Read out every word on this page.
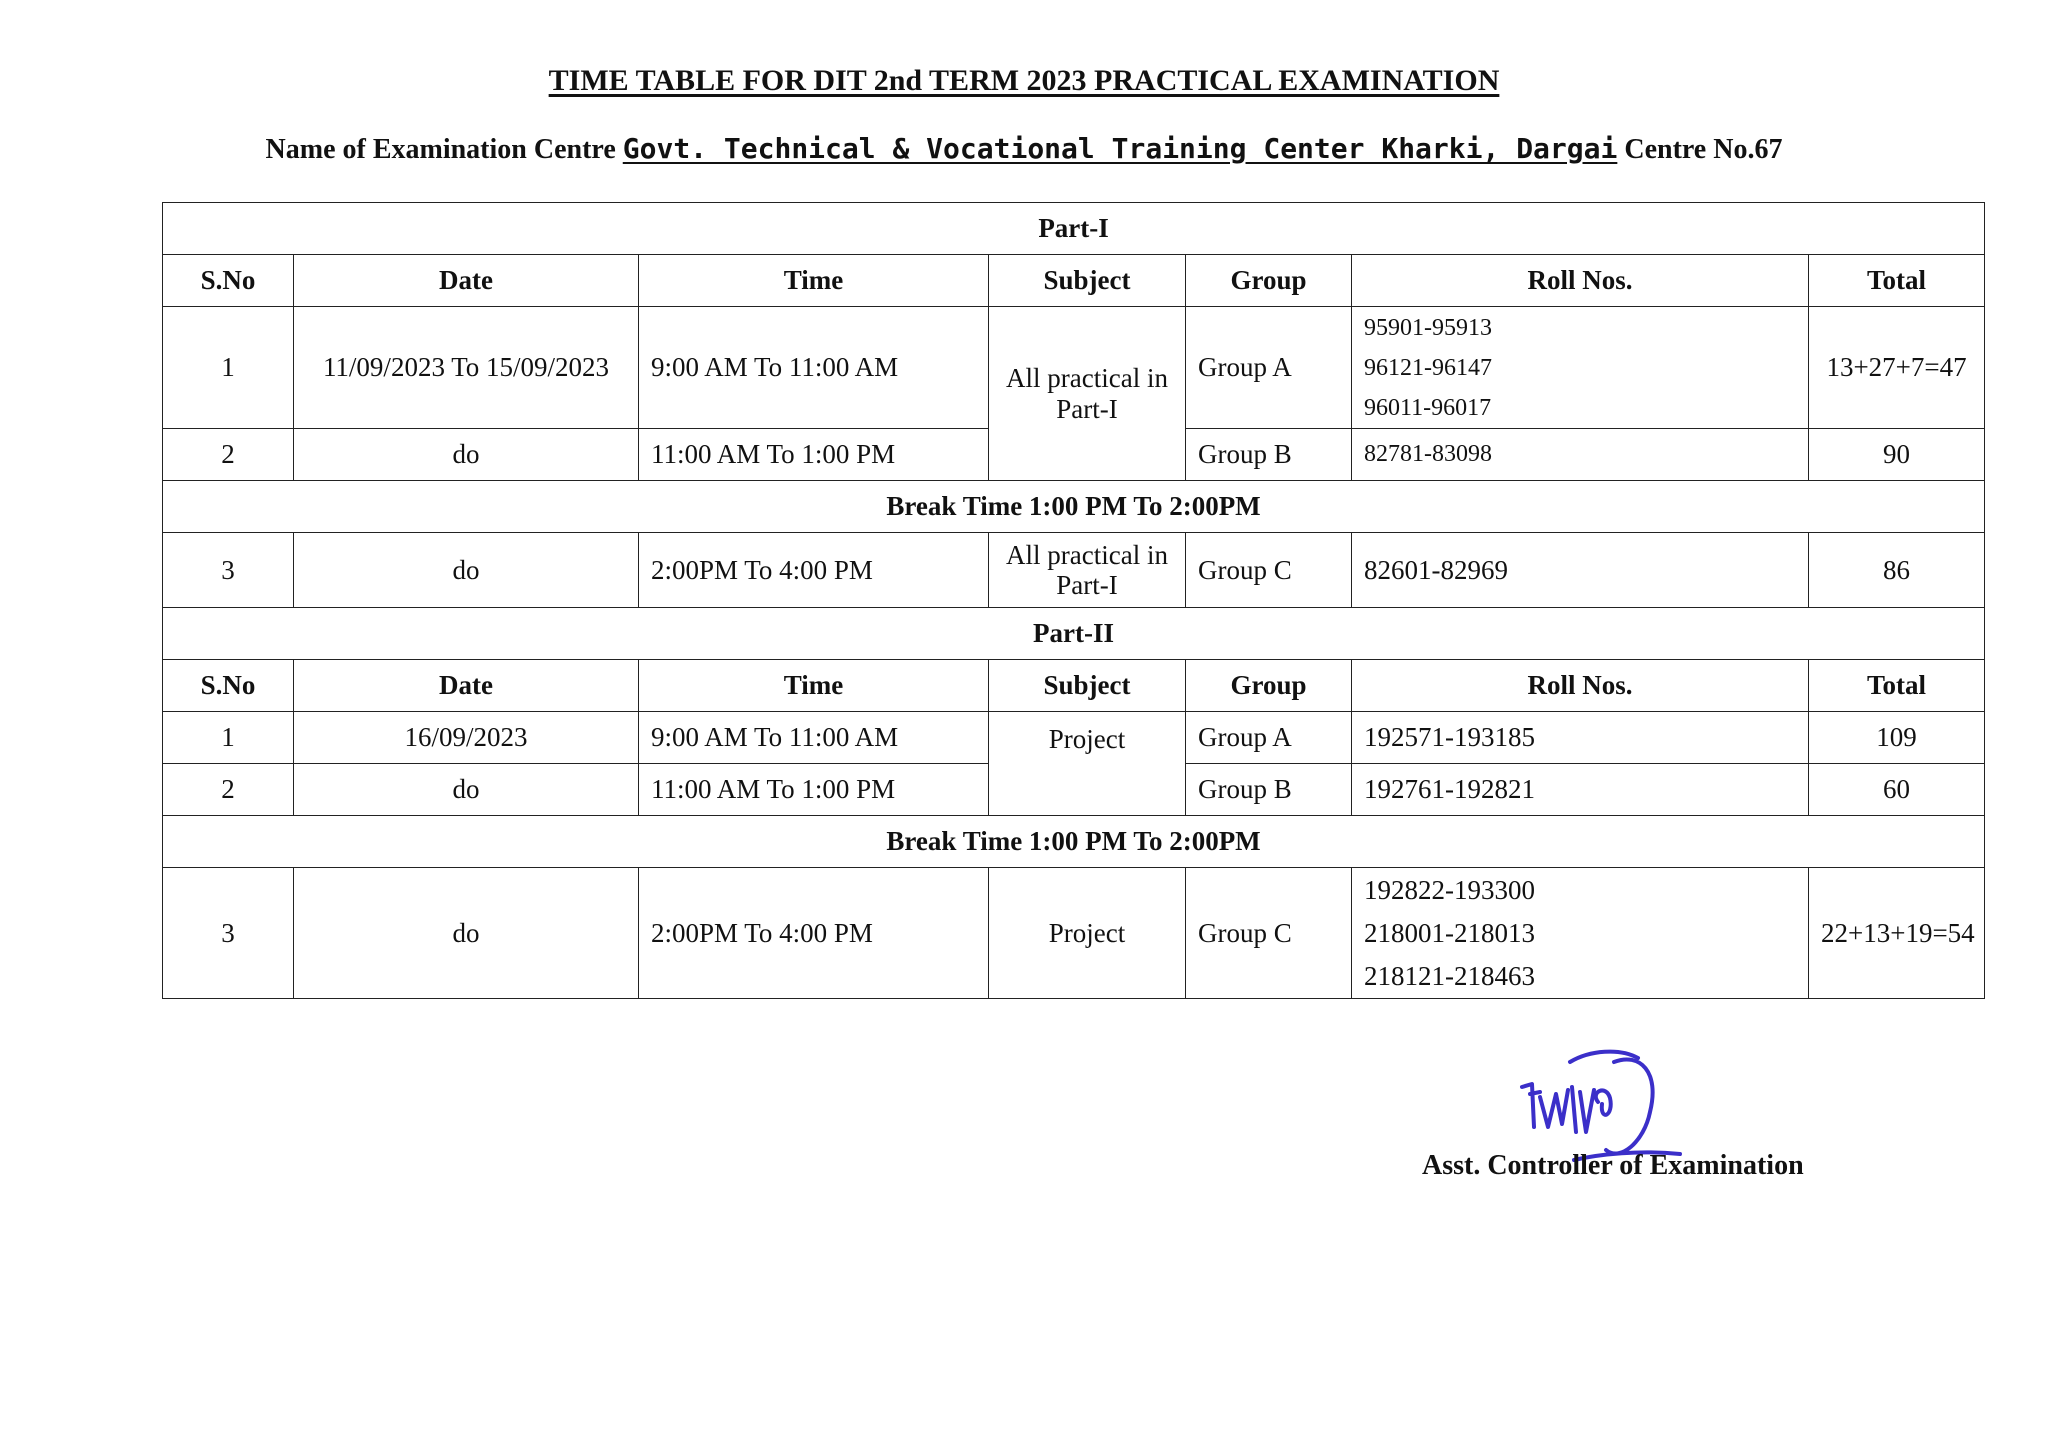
TIME TABLE FOR DIT 2nd TERM 2023 PRACTICAL EXAMINATION
Name of Examination Centre Govt. Technical & Vocational Training Center Kharki, Dargai Centre No.67
Part-I						
S.No	Date	Time	Subject	Group	Roll Nos.	Total
1	11/09/2023 To 15/09/2023	9:00 AM To 11:00 AM	All practical in Part-I	Group A	95901-95913
96121-96147
96011-96017	13+27+7=47
2	do	11:00 AM To 1:00 PM		Group B	82781-83098	90
Break Time 1:00 PM To 2:00PM						
3	do	2:00PM To 4:00 PM	All practical in Part-I	Group C	82601-82969	86
Part-II						
S.No	Date	Time	Subject	Group	Roll Nos.	Total
1	16/09/2023	9:00 AM To 11:00 AM	Project	Group A	192571-193185	109
2	do	11:00 AM To 1:00 PM		Group B	192761-192821	60
Break Time 1:00 PM To 2:00PM						
3	do	2:00PM To 4:00 PM	Project	Group C	192822-193300
218001-218013
218121-218463	22+13+19=54
Asst. Controller of Examination
